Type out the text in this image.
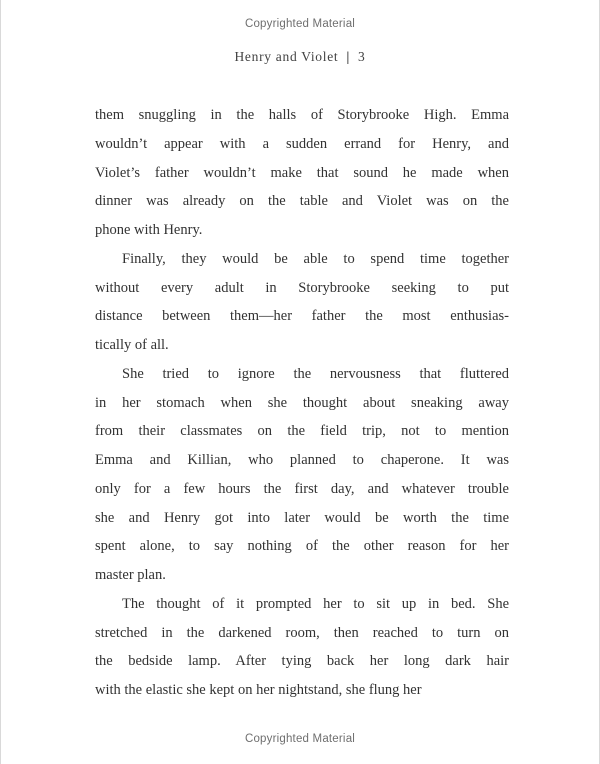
Copyrighted Material
Henry and Violet | 3
them snuggling in the halls of Storybrooke High. Emma
wouldn’t appear with a sudden errand for Henry, and
Violet’s father wouldn’t make that sound he made when
dinner was already on the table and Violet was on the
phone with Henry.
Finally, they would be able to spend time together
without every adult in Storybrooke seeking to put
distance between them—her father the most enthusias-
tically of all.
She tried to ignore the nervousness that fluttered
in her stomach when she thought about sneaking away
from their classmates on the field trip, not to mention
Emma and Killian, who planned to chaperone. It was
only for a few hours the first day, and whatever trouble
she and Henry got into later would be worth the time
spent alone, to say nothing of the other reason for her
master plan.
The thought of it prompted her to sit up in bed. She
stretched in the darkened room, then reached to turn on
the bedside lamp. After tying back her long dark hair
with the elastic she kept on her nightstand, she flung her
Copyrighted Material
